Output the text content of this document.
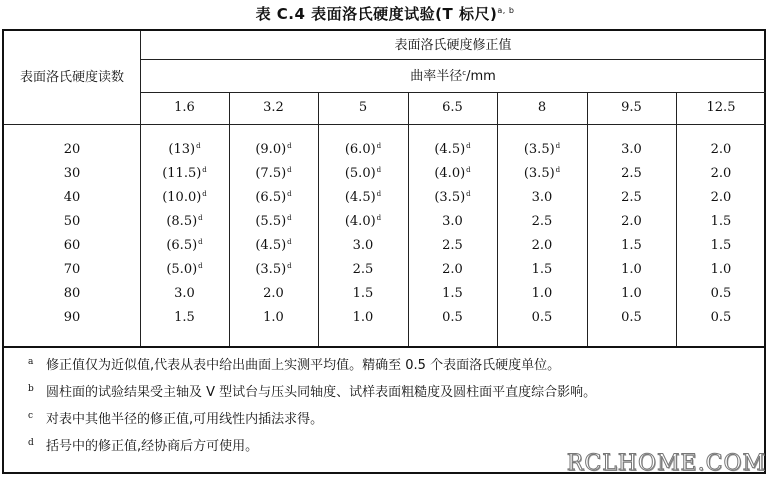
表 C.4 表面洛氏硬度试验(T 标尺)$^{a, b}$
表面洛氏硬度读数
表面洛氏硬度修正值
曲率半径$^c$/mm
1.6	3.2	5	6.5	8	9.5	12.5
20	$(13)^d$	$(9.0)^d$	$(6.0)^d$	$(4.5)^d$	$(3.5)^d$	3.0	2.0
30	$(11.5)^d$	$(7.5)^d$	$(5.0)^d$	$(4.0)^d$	$(3.5)^d$	2.5	2.0
40	$(10.0)^d$	$(6.5)^d$	$(4.5)^d$	$(3.5)^d$	3.0	2.5	2.0
50	$(8.5)^d$	$(5.5)^d$	$(4.0)^d$	3.0	2.5	2.0	1.5
60	$(6.5)^d$	$(4.5)^d$	3.0	2.5	2.0	1.5	1.5
70	$(5.0)^d$	$(3.5)^d$	2.5	2.0	1.5	1.0	1.0
80	3.0	2.0	1.5	1.5	1.0	1.0	0.5
90	1.5	1.0	1.0	0.5	0.5	0.5	0.5
a 修正值仅为近似值,代表从表中给出曲面上实测平均值。精确至 0.5 个表面洛氏硬度单位。
b 圆柱面的试验结果受主轴及 V 型试台与压头同轴度、试样表面粗糙度及圆柱面平直度综合影响。
c 对表中其他半径的修正值,可用线性内插法求得。
d 括号中的修正值,经协商后方可使用。
RCLHOME.COM
